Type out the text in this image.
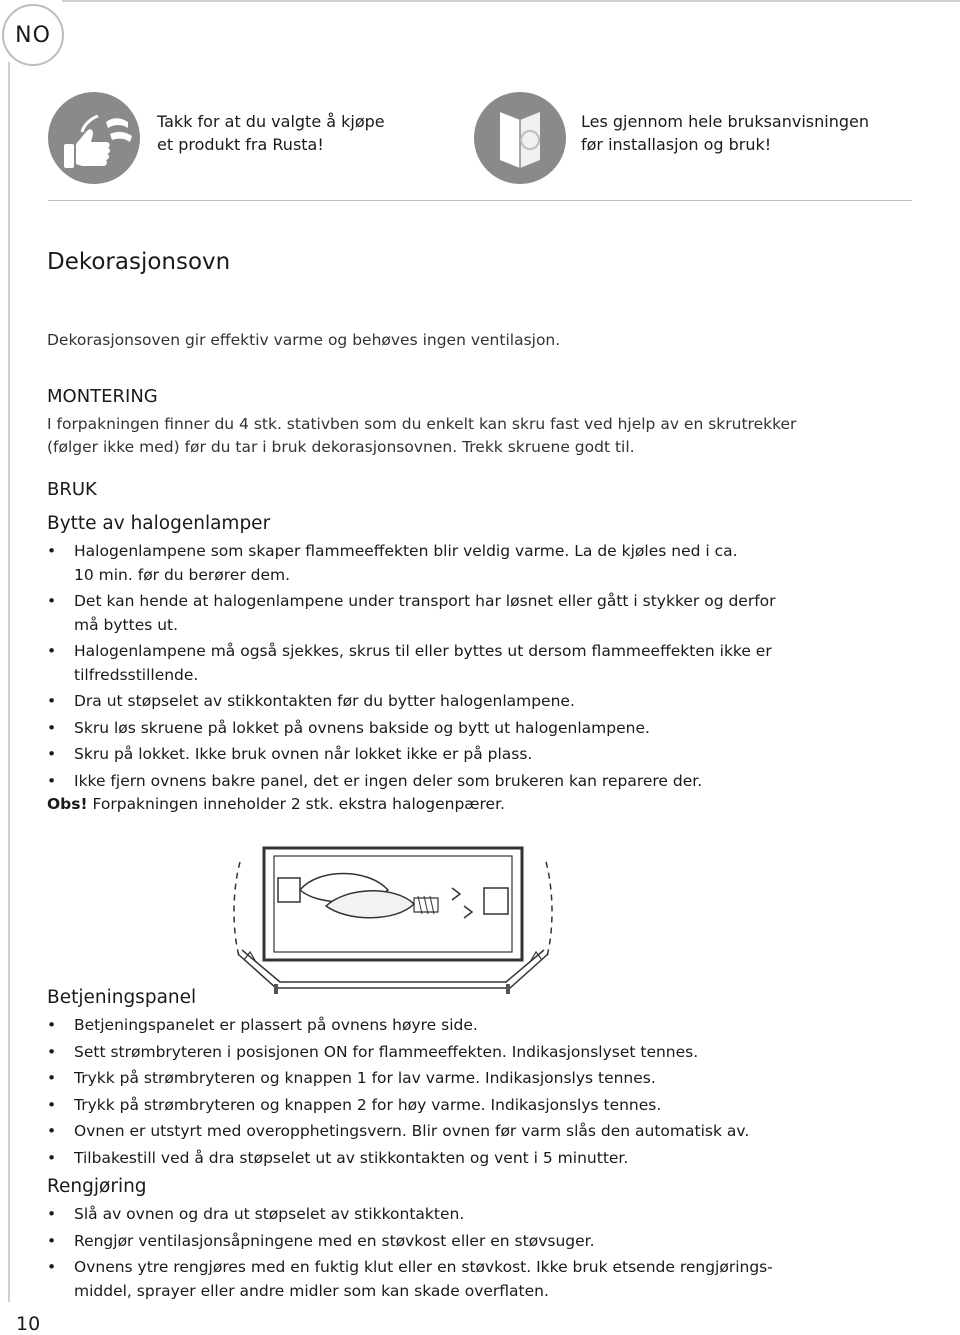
NO
Takk for at du valgte å kjøpe
et produkt fra Rusta!
Les gjennom hele bruksanvisningen
før installasjon og bruk!
Dekorasjonsovn

Dekorasjonsoven gir effektiv varme og behøves ingen ventilasjon.

MONTERING

I forpakningen finner du 4 stk. stativben som du enkelt kan skru fast ved hjelp av en skrutrekker

(følger ikke med) før du tar i bruk dekorasjonsovnen. Trekk skruene godt til.

BRUK
Bytte av halogenlamper
• Halogenlampene som skaper flammeeffekten blir veldig varme. La de kjøles ned i ca.
10 min. før du berører dem.
• Det kan hende at halogenlampene under transport har løsnet eller gått i stykker og derfor
må byttes ut.
• Halogenlampene må også sjekkes, skrus til eller byttes ut dersom flammeeffekten ikke er
tilfredsstillende.
• Dra ut støpselet av stikkontakten før du bytter halogenlampene.
• Skru løs skruene på lokket på ovnens bakside og bytt ut halogenlampene.
• Skru på lokket. Ikke bruk ovnen når lokket ikke er på plass.
• Ikke fjern ovnens bakre panel, det er ingen deler som brukeren kan reparere der.
Obs! Forpakningen inneholder 2 stk. ekstra halogenpærer.
Betjeningspanel
• Betjeningspanelet er plassert på ovnens høyre side.
• Sett strømbryteren i posisjonen ON for flammeeffekten. Indikasjonslyset tennes.
• Trykk på strømbryteren og knappen 1 for lav varme. Indikasjonslys tennes.
• Trykk på strømbryteren og knappen 2 for høy varme. Indikasjonslys tennes.
• Ovnen er utstyrt med overopphetingsvern. Blir ovnen før varm slås den automatisk av.
• Tilbakestill ved å dra støpselet ut av stikkontakten og vent i 5 minutter.
Rengjøring
• Slå av ovnen og dra ut støpselet av stikkontakten.
• Rengjør ventilasjonsåpningene med en støvkost eller en støvsuger.
• Ovnens ytre rengjøres med en fuktig klut eller en støvkost. Ikke bruk etsende rengjørings-
middel, sprayer eller andre midler som kan skade overflaten.
10
